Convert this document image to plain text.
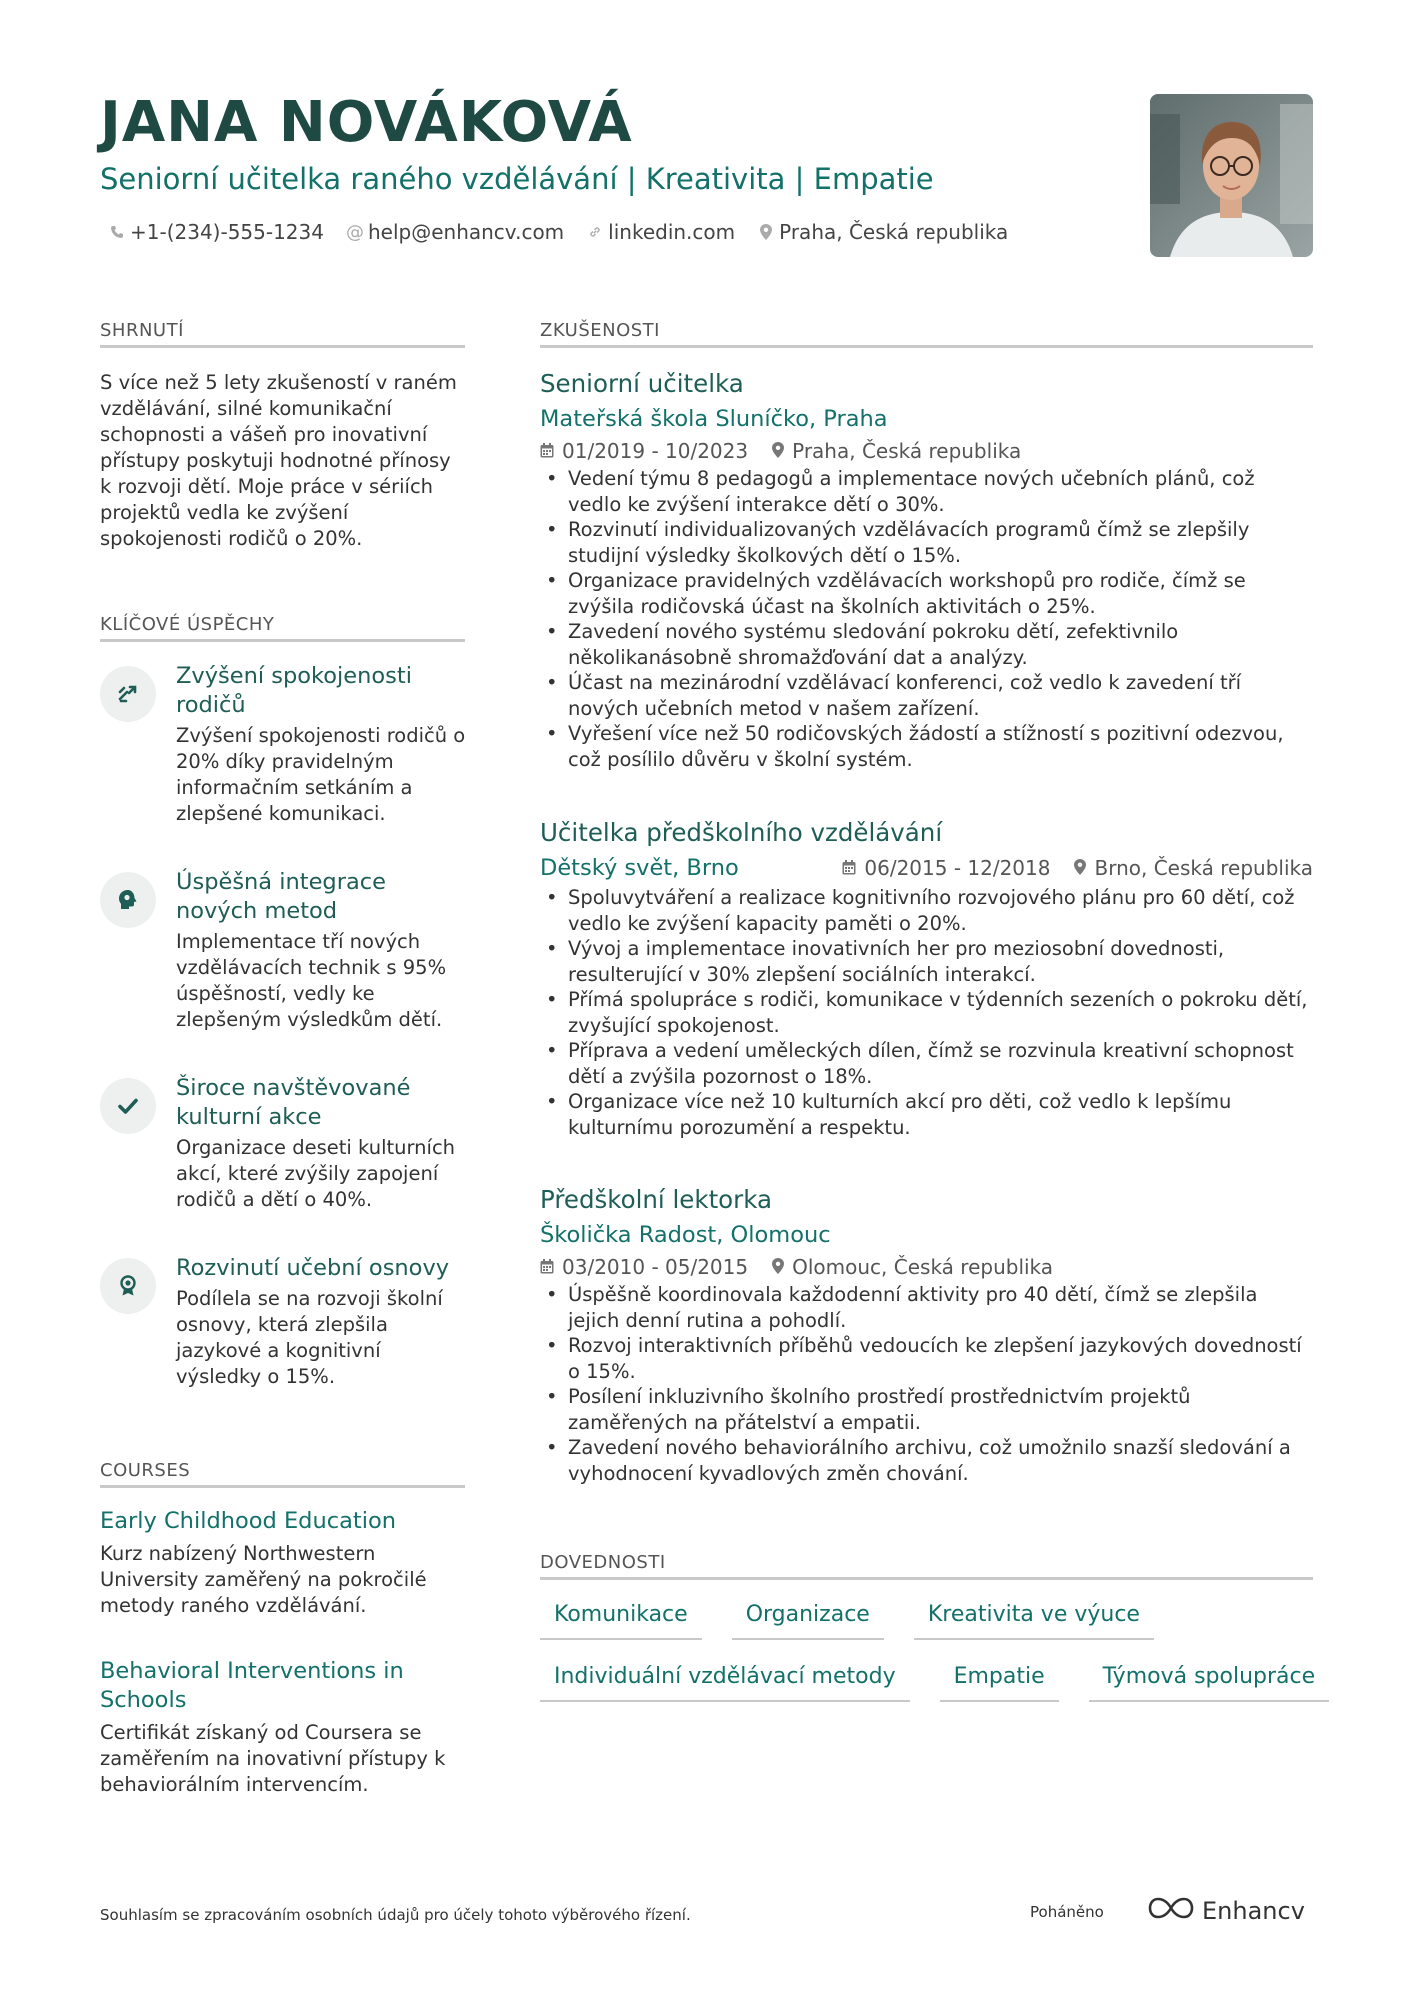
JANA NOVÁKOVÁ
Seniorní učitelka raného vzdělávání | Kreativita | Empatie
+1-(234)-555-1234 @ help@enhancv.com linkedin.com Praha, Česká republika
SHRNUTÍ
S více než 5 lety zkušeností v raném vzdělávání, silné komunikační schopnosti a vášeň pro inovativní přístupy poskytuji hodnotné přínosy k rozvoji dětí. Moje práce v sériích projektů vedla ke zvýšení spokojenosti rodičů o 20%.
KLÍČOVÉ ÚSPĚCHY
Zvýšení spokojenosti rodičů
Zvýšení spokojenosti rodičů o 20% díky pravidelným informačním setkáním a zlepšené komunikaci.
Úspěšná integrace nových metod
Implementace tří nových vzdělávacích technik s 95% úspěšností, vedly ke zlepšeným výsledkům dětí.
Široce navštěvované kulturní akce
Organizace deseti kulturních akcí, které zvýšily zapojení rodičů a dětí o 40%.
Rozvinutí učební osnovy
Podílela se na rozvoji školní osnovy, která zlepšila jazykové a kognitivní výsledky o 15%.
COURSES
Early Childhood Education
Kurz nabízený Northwestern University zaměřený na pokročilé metody raného vzdělávání.
Behavioral Interventions in Schools
Certifikát získaný od Coursera se zaměřením na inovativní přístupy k behaviorálním intervencím.
ZKUŠENOSTI
Seniorní učitelka
Mateřská škola Sluníčko, Praha
01/2019 - 10/2023 Praha, Česká republika
• Vedení týmu 8 pedagogů a implementace nových učebních plánů, což vedlo ke zvýšení interakce dětí o 30%.
• Rozvinutí individualizovaných vzdělávacích programů čímž se zlepšily studijní výsledky školkových dětí o 15%.
• Organizace pravidelných vzdělávacích workshopů pro rodiče, čímž se zvýšila rodičovská účast na školních aktivitách o 25%.
• Zavedení nového systému sledování pokroku dětí, zefektivnilo několikanásobně shromažďování dat a analýzy.
• Účast na mezinárodní vzdělávací konferenci, což vedlo k zavedení tří nových učebních metod v našem zařízení.
• Vyřešení více než 50 rodičovských žádostí a stížností s pozitivní odezvou, což posílilo důvěru v školní systém.
Učitelka předškolního vzdělávání
Dětský svět, Brno	06/2015 - 12/2018 Brno, Česká republika
• Spoluvytváření a realizace kognitivního rozvojového plánu pro 60 dětí, což vedlo ke zvýšení kapacity paměti o 20%.
• Vývoj a implementace inovativních her pro meziosobní dovednosti, resulterující v 30% zlepšení sociálních interakcí.
• Přímá spolupráce s rodiči, komunikace v týdenních sezeních o pokroku dětí, zvyšující spokojenost.
• Příprava a vedení uměleckých dílen, čímž se rozvinula kreativní schopnost dětí a zvýšila pozornost o 18%.
• Organizace více než 10 kulturních akcí pro děti, což vedlo k lepšímu kulturnímu porozumění a respektu.
Předškolní lektorka
Školička Radost, Olomouc
03/2010 - 05/2015 Olomouc, Česká republika
• Úspěšně koordinovala každodenní aktivity pro 40 dětí, čímž se zlepšila jejich denní rutina a pohodlí.
• Rozvoj interaktivních příběhů vedoucích ke zlepšení jazykových dovedností o 15%.
• Posílení inkluzivního školního prostředí prostřednictvím projektů zaměřených na přátelství a empatii.
• Zavedení nového behaviorálního archivu, což umožnilo snazší sledování a vyhodnocení kyvadlových změn chování.
DOVEDNOSTI
Komunikace	Organizace	Kreativita ve výuce
Individuální vzdělávací metody	Empatie	Týmová spolupráce
Souhlasím se zpracováním osobních údajů pro účely tohoto výběrového řízení.	Poháněno	Enhancv
